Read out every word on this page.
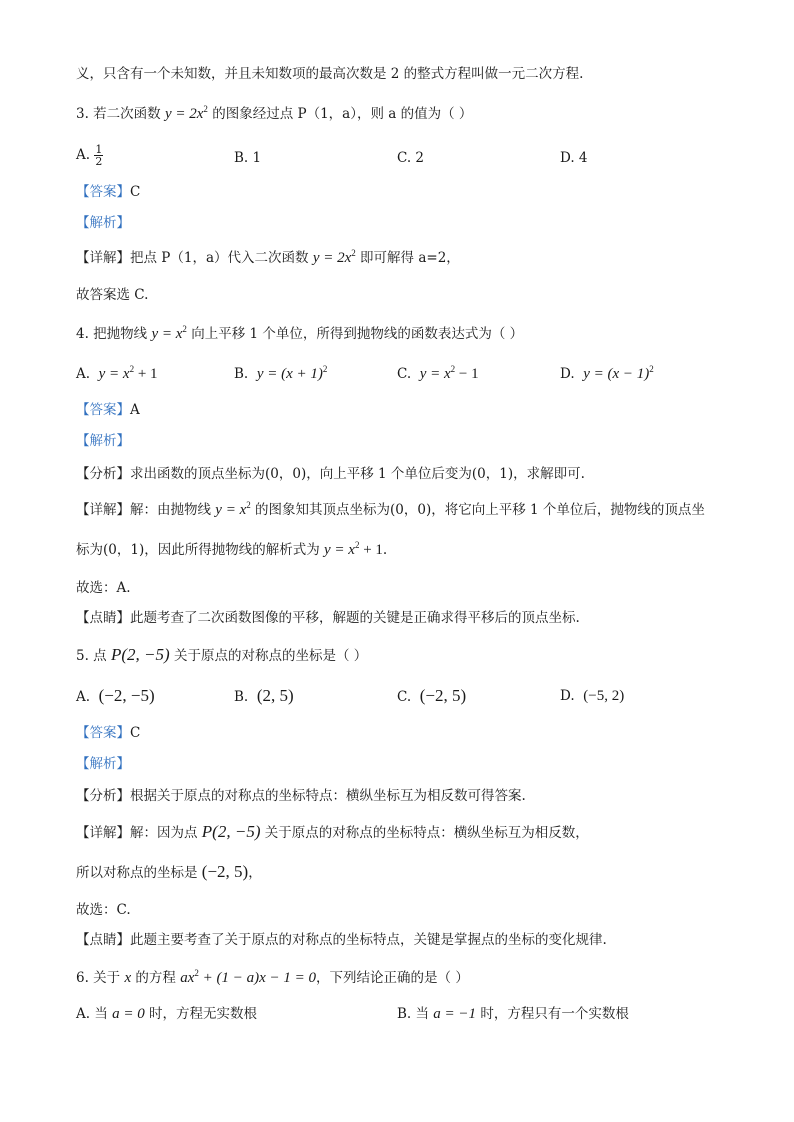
义，只含有一个未知数，并且未知数项的最高次数是 2 的整式方程叫做一元二次方程.
3. 若二次函数 $y = 2x^2$ 的图象经过点 P（1，a），则 a 的值为（ ）
A. $\frac{1}{2}$	B. 1	C. 2	D. 4
【答案】C
【解析】
【详解】把点 P（1，a）代入二次函数 $y = 2x^2$ 即可解得 a=2，
故答案选 C.
4. 把抛物线 $y = x^2$ 向上平移 1 个单位，所得到抛物线的函数表达式为（ ）
A. $y = x^2 + 1$	B. $y = (x + 1)^2$	C. $y = x^2 - 1$	D. $y = (x - 1)^2$
【答案】A
【解析】
【分析】求出函数的顶点坐标为(0，0)，向上平移 1 个单位后变为(0，1)，求解即可.
【详解】解：由抛物线 $y = x^2$ 的图象知其顶点坐标为(0，0)，将它向上平移 1 个单位后，抛物线的顶点坐
标为(0，1)，因此所得抛物线的解析式为 $y = x^2 + 1$.
故选：A.
【点睛】此题考查了二次函数图像的平移，解题的关键是正确求得平移后的顶点坐标.
5. 点 P(2, −5) 关于原点的对称点的坐标是（ ）
A. (−2, −5)	B. (2, 5)	C. (−2, 5)	D. (−5, 2)
【答案】C
【解析】
【分析】根据关于原点的对称点的坐标特点：横纵坐标互为相反数可得答案.
【详解】解：因为点 P(2, −5) 关于原点的对称点的坐标特点：横纵坐标互为相反数，
所以对称点的坐标是 (−2, 5)，
故选：C.
【点睛】此题主要考查了关于原点的对称点的坐标特点，关键是掌握点的坐标的变化规律.
6. 关于 x 的方程 $ax^2 + (1 - a)x - 1 = 0$，下列结论正确的是（ ）
A. 当 a = 0 时，方程无实数根	B. 当 a = −1 时，方程只有一个实数根
